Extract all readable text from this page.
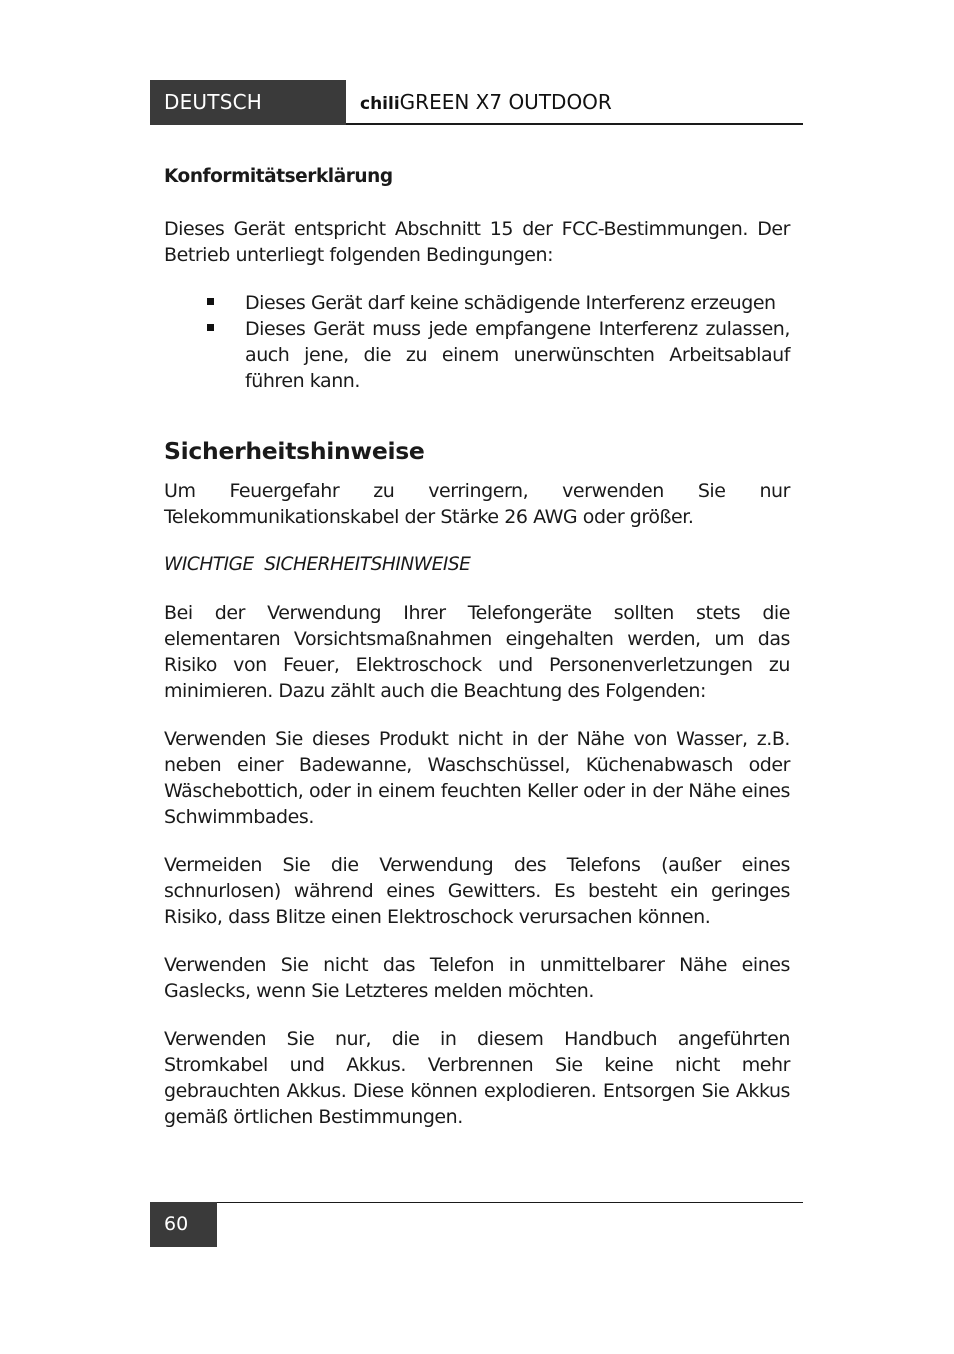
DEUTSCH	chiliGREEN X7 OUTDOOR
Konformitätserklärung

Dieses Gerät entspricht Abschnitt 15 der FCC-Bestimmungen. Der Betrieb unterliegt folgenden Bedingungen:

Dieses Gerät darf keine schädigende Interferenz erzeugen
Dieses Gerät muss jede empfangene Interferenz zulassen, auch jene, die zu einem unerwünschten Arbeitsablauf führen kann.
Sicherheitshinweise

Um Feuergefahr zu verringern, verwenden Sie nur Telekommunikationskabel der Stärke 26 AWG oder größer.

WICHTIGE SICHERHEITSHINWEISE

Bei der Verwendung Ihrer Telefongeräte sollten stets die elementaren Vorsichtsmaßnahmen eingehalten werden, um das Risiko von Feuer, Elektroschock und Personenverletzungen zu minimieren. Dazu zählt auch die Beachtung des Folgenden:

Verwenden Sie dieses Produkt nicht in der Nähe von Wasser, z.B. neben einer Badewanne, Waschschüssel, Küchenabwasch oder Wäschebottich, oder in einem feuchten Keller oder in der Nähe eines Schwimmbades.

Vermeiden Sie die Verwendung des Telefons (außer eines schnurlosen) während eines Gewitters. Es besteht ein geringes Risiko, dass Blitze einen Elektroschock verursachen können.

Verwenden Sie nicht das Telefon in unmittelbarer Nähe eines Gaslecks, wenn Sie Letzteres melden möchten.

Verwenden Sie nur, die in diesem Handbuch angeführten Stromkabel und Akkus. Verbrennen Sie keine nicht mehr gebrauchten Akkus. Diese können explodieren. Entsorgen Sie Akkus gemäß örtlichen Bestimmungen.

60
